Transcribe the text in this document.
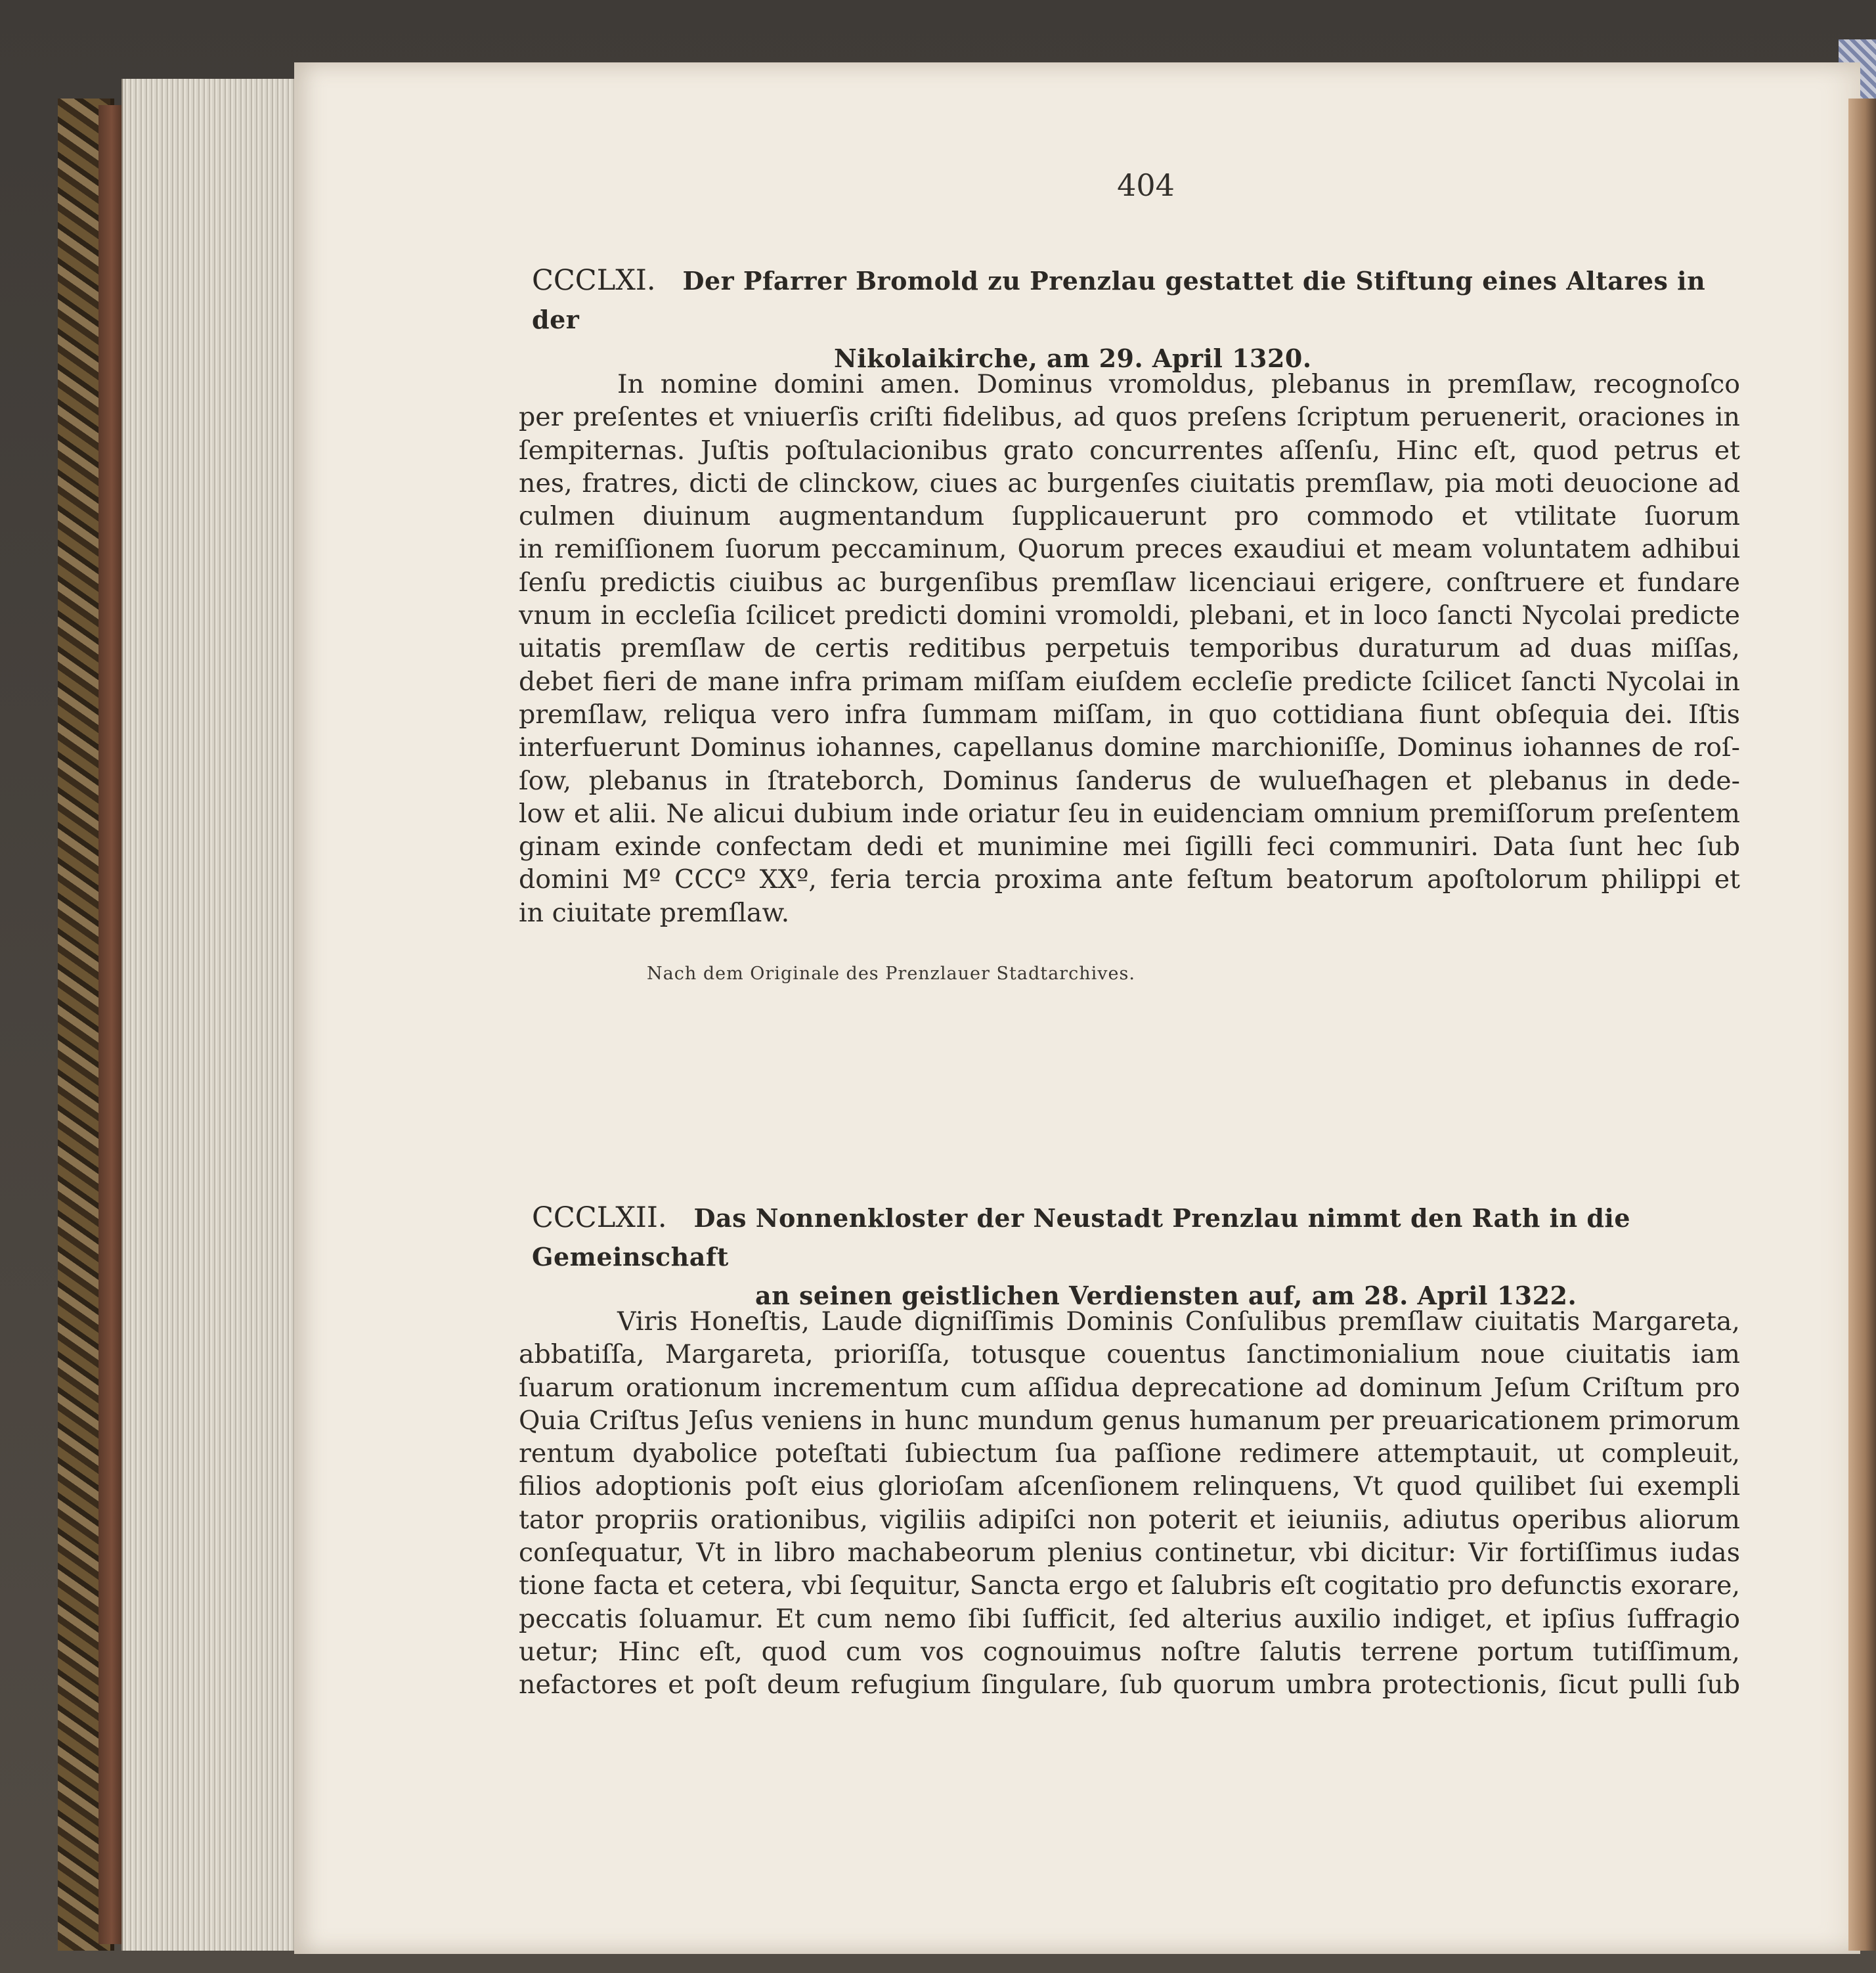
404
CCCLXI. Der Pfarrer Bromold zu Prenzlau gestattet die Stiftung eines Altares in der
Nikolaikirche, am 29. April 1320.
In nomine domini amen. Dominus vromoldus, plebanus in premſlaw, recognoſco
per preſentes et vniuerſis criſti fidelibus, ad quos preſens ſcriptum peruenerit, oraciones in
ſempiternas. Juſtis poſtulacionibus grato concurrentes aſſenſu, Hinc eſt, quod petrus et
nes, fratres, dicti de clinckow, ciues ac burgenſes ciuitatis premſlaw, pia moti deuocione ad
culmen diuinum augmentandum ſupplicauerunt pro commodo et vtilitate ſuorum
in remiſſionem ſuorum peccaminum, Quorum preces exaudiui et meam voluntatem adhibui
ſenſu predictis ciuibus ac burgenſibus premſlaw licenciaui erigere, conſtruere et fundare
vnum in eccleſia ſcilicet predicti domini vromoldi, plebani, et in loco ſancti Nycolai predicte
uitatis premſlaw de certis reditibus perpetuis temporibus duraturum ad duas miſſas,
debet fieri de mane infra primam miſſam eiuſdem eccleſie predicte ſcilicet ſancti Nycolai in
premſlaw, reliqua vero infra ſummam miſſam, in quo cottidiana fiunt obſequia dei. Iſtis
interfuerunt Dominus iohannes, capellanus domine marchioniſſe, Dominus iohannes de roſ-
ſow, plebanus in ſtrateborch, Dominus ſanderus de wulueſhagen et plebanus in dede-
low et alii. Ne alicui dubium inde oriatur ſeu in euidenciam omnium premiſſorum preſentem
ginam exinde confectam dedi et munimine mei ſigilli feci communiri. Data ſunt hec ſub
domini Mº CCCº XXº, feria tercia proxima ante feſtum beatorum apoſtolorum philippi et
in ciuitate premſlaw.
Nach dem Originale des Prenzlauer Stadtarchives.
CCCLXII. Das Nonnenkloster der Neustadt Prenzlau nimmt den Rath in die Gemeinschaft
an seinen geistlichen Verdiensten auf, am 28. April 1322.
Viris Honeſtis, Laude digniſſimis Dominis Conſulibus premſlaw ciuitatis Margareta,
abbatiſſa, Margareta, prioriſſa, totusque couentus ſanctimonialium noue ciuitatis iam
ſuarum orationum incrementum cum aſſidua deprecatione ad dominum Jeſum Criſtum pro
Quia Criſtus Jeſus veniens in hunc mundum genus humanum per preuaricationem primorum
rentum dyabolice poteſtati ſubiectum ſua paſſione redimere attemptauit, ut compleuit,
filios adoptionis poſt eius glorioſam aſcenſionem relinquens, Vt quod quilibet ſui exempli
tator propriis orationibus, vigiliis adipiſci non poterit et ieiuniis, adiutus operibus aliorum
conſequatur, Vt in libro machabeorum plenius continetur, vbi dicitur: Vir fortiſſimus iudas
tione facta et cetera, vbi ſequitur, Sancta ergo et ſalubris eſt cogitatio pro defunctis exorare,
peccatis ſoluamur. Et cum nemo ſibi ſufficit, ſed alterius auxilio indiget, et ipſius ſuffragio
uetur; Hinc eſt, quod cum vos cognouimus noſtre ſalutis terrene portum tutiſſimum,
nefactores et poſt deum refugium ſingulare, ſub quorum umbra protectionis, ſicut pulli ſub
